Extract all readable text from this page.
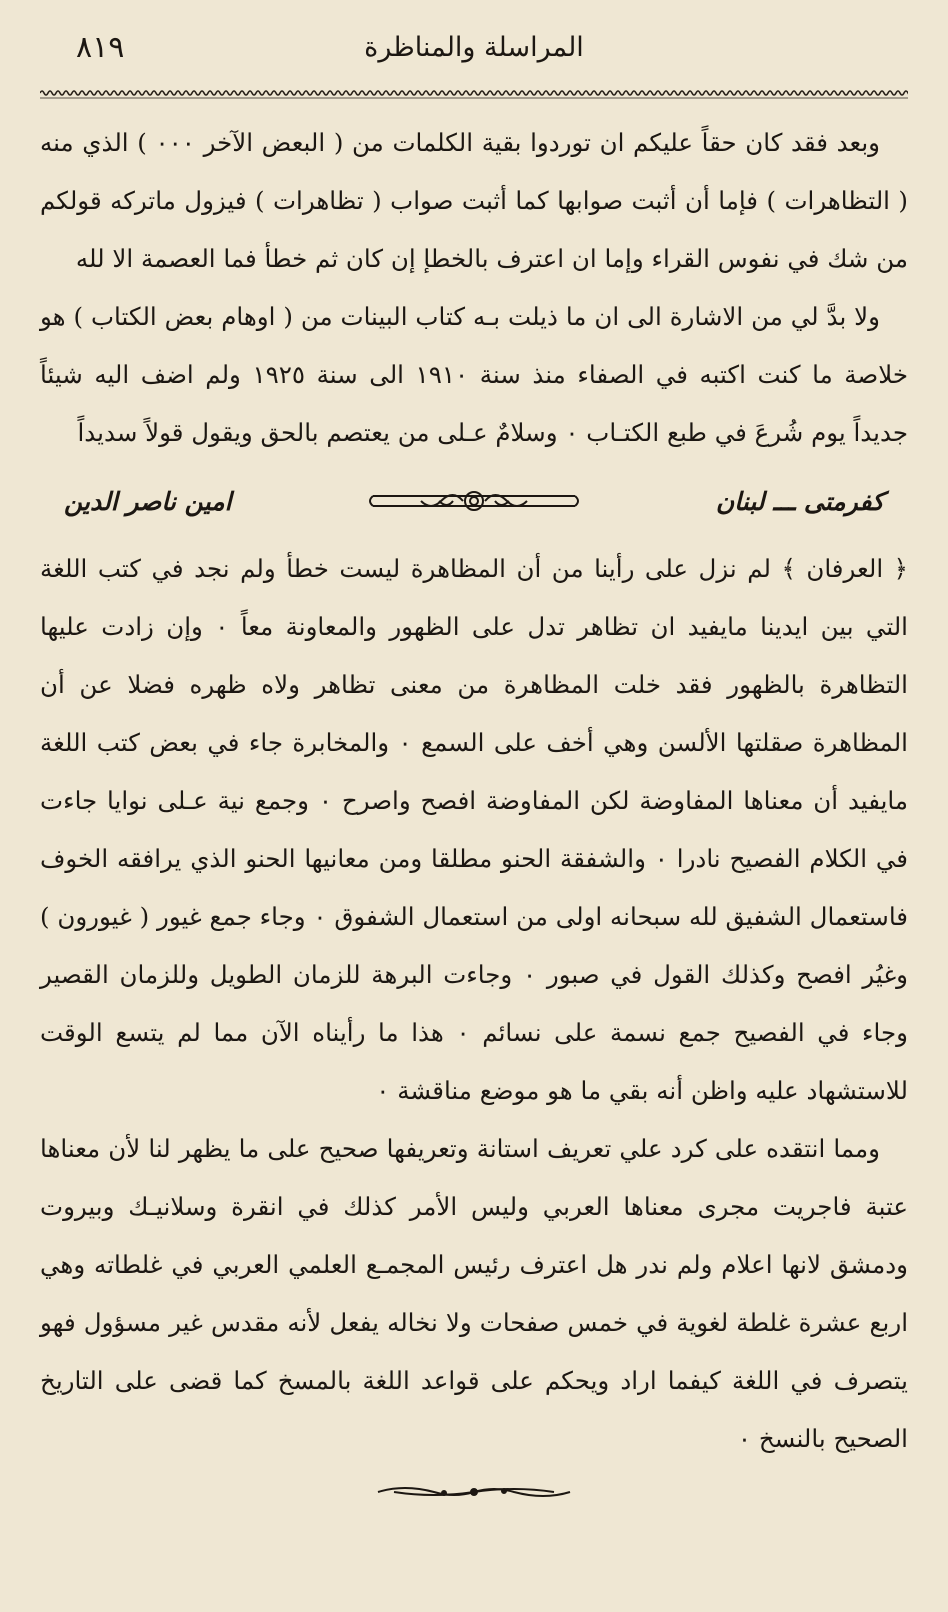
المراسلة والمناظرة
٨١٩

وبعد فقد كان حقاً عليكم ان توردوا بقية الكلمات من ( البعض الآخر ٠٠٠ ) الذي منه ( التظاهرات ) فإما أن أثبت صوابها كما أثبت صواب ( تظاهرات ) فيزول ماتركه قولكم من شك في نفوس القراء وإما ان اعترف بالخطإ إن كان ثم خطأ فما العصمة الا لله

ولا بدَّ لي من الاشارة الى ان ما ذيلت بـه كتاب البينات من ( اوهام بعض الكتاب ) هو خلاصة ما كنت اكتبه في الصفاء منذ سنة ١٩١٠ الى سنة ١٩٢٥ ولم اضف اليه شيئاً جديداً يوم شُرعَ في طبع الكتـاب ٠ وسلامٌ عـلى من يعتصم بالحق ويقول قولاً سديداً

كفرمتى ـــ لبنان
امين ناصر الدين

﴿ العرفان ﴾ لم نزل على رأينا من أن المظاهرة ليست خطأ ولم نجد في كتب اللغة التي بين ايدينا مايفيد ان تظاهر تدل على الظهور والمعاونة معاً ٠ وإن زادت عليها التظاهرة بالظهور فقد خلت المظاهرة من معنى تظاهر ولاه ظهره فضلا عن أن المظاهرة صقلتها الألسن وهي أخف على السمع ٠ والمخابرة جاء في بعض كتب اللغة مايفيد أن معناها المفاوضة لكن المفاوضة افصح واصرح ٠ وجمع نية عـلى نوايا جاءت في الكلام الفصيح نادرا ٠ والشفقة الحنو مطلقا ومن معانيها الحنو الذي يرافقه الخوف فاستعمال الشفيق لله سبحانه اولى من استعمال الشفوق ٠ وجاء جمع غيور ( غيورون ) وغيُر افصح وكذلك القول في صبور ٠ وجاءت البرهة للزمان الطويل وللزمان القصير وجاء في الفصيح جمع نسمة على نسائم ٠ هذا ما رأيناه الآن مما لم يتسع الوقت للاستشهاد عليه واظن أنه بقي ما هو موضع مناقشة ٠

ومما انتقده على كرد علي تعريف استانة وتعريفها صحيح على ما يظهر لنا لأن معناها عتبة فاجريت مجرى معناها العربي وليس الأمر كذلك في انقرة وسلانيـك وبيروت ودمشق لانها اعلام ولم ندر هل اعترف رئيس المجمـع العلمي العربي في غلطاته وهي اربع عشرة غلطة لغوية في خمس صفحات ولا نخاله يفعل لأنه مقدس غير مسؤول فهو يتصرف في اللغة كيفما اراد ويحكم على قواعد اللغة بالمسخ كما قضى على التاريخ الصحيح بالنسخ ٠
